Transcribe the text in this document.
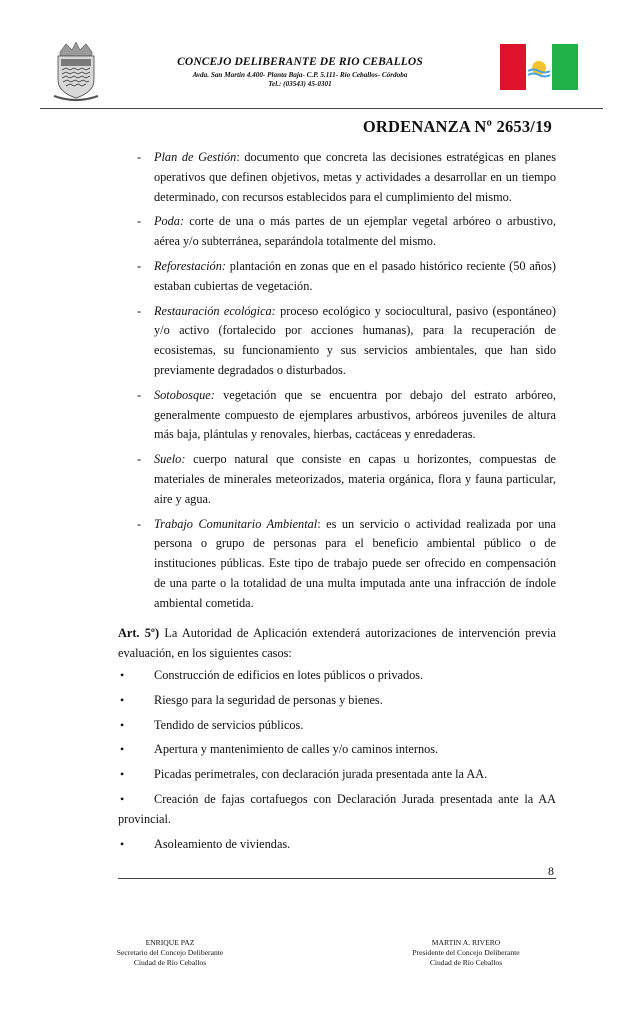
CONCEJO DELIBERANTE DE RIO CEBALLOS
Avda. San Martin 4.400- Planta Baja- C.P. 5.111- Río Ceballos- Córdoba
Tel.: (03543) 45-0301
ORDENANZA Nº 2653/19
- Plan de Gestión: documento que concreta las decisiones estratégicas en planes operativos que definen objetivos, metas y actividades a desarrollar en un tiempo determinado, con recursos establecidos para el cumplimiento del mismo.
- Poda: corte de una o más partes de un ejemplar vegetal arbóreo o arbustivo, aérea y/o subterránea, separándola totalmente del mismo.
- Reforestación: plantación en zonas que en el pasado histórico reciente (50 años) estaban cubiertas de vegetación.
- Restauración ecológica: proceso ecológico y sociocultural, pasivo (espontáneo) y/o activo (fortalecido por acciones humanas), para la recuperación de ecosistemas, su funcionamiento y sus servicios ambientales, que han sido previamente degradados o disturbados.
- Sotobosque: vegetación que se encuentra por debajo del estrato arbóreo, generalmente compuesto de ejemplares arbustivos, arbóreos juveniles de altura más baja, plántulas y renovales, hierbas, cactáceas y enredaderas.
- Suelo: cuerpo natural que consiste en capas u horizontes, compuestas de materiales de minerales meteorizados, materia orgánica, flora y fauna particular, aire y agua.
- Trabajo Comunitario Ambiental: es un servicio o actividad realizada por una persona o grupo de personas para el beneficio ambiental público o de instituciones públicas. Este tipo de trabajo puede ser ofrecido en compensación de una parte o la totalidad de una multa imputada ante una infracción de índole ambiental cometida.
Art. 5º) La Autoridad de Aplicación extenderá autorizaciones de intervención previa evaluación, en los siguientes casos:
• Construcción de edificios en lotes públicos o privados.
• Riesgo para la seguridad de personas y bienes.
• Tendido de servicios públicos.
• Apertura y mantenimiento de calles y/o caminos internos.
• Picadas perimetrales, con declaración jurada presentada ante la AA.
• Creación de fajas cortafuegos con Declaración Jurada presentada ante la AA provincial.
• Asoleamiento de viviendas.
8
ENRIQUE PAZ
Secretario del Concejo Deliberante
Ciudad de Río Ceballos
MARTIN A. RIVERO
Presidente del Concejo Deliberante
Ciudad de Río Ceballos
